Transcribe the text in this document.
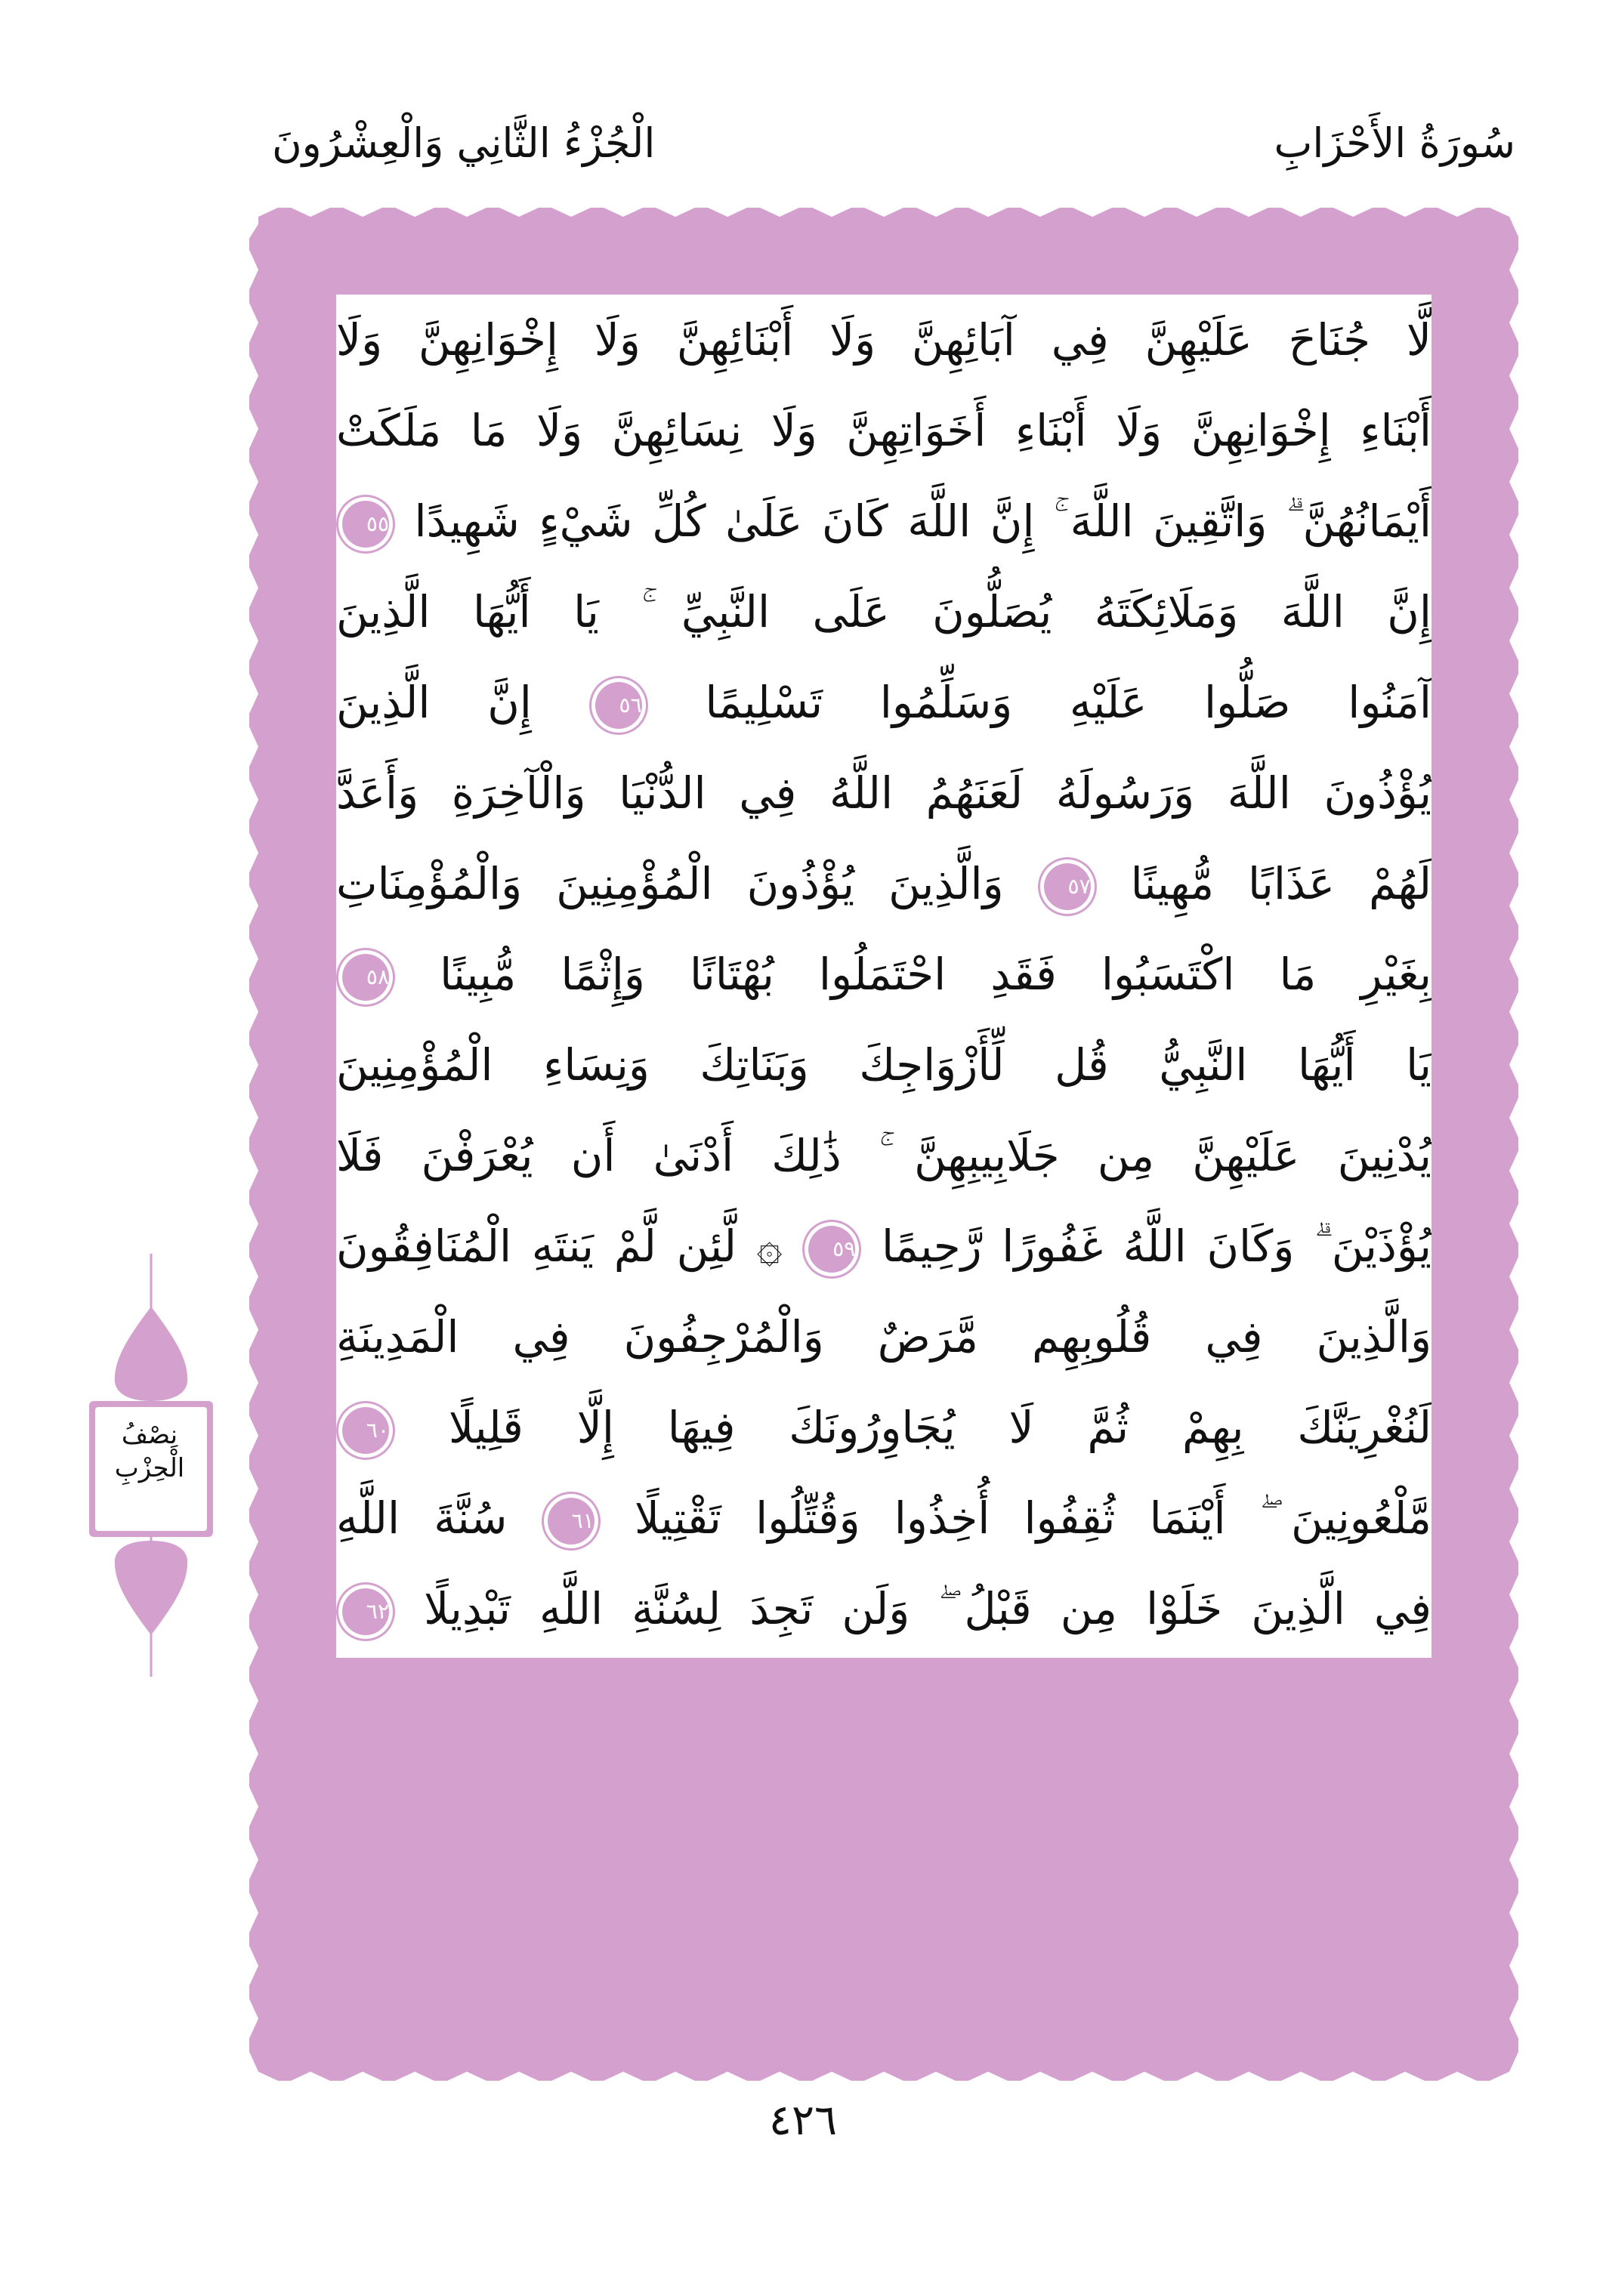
سُورَةُ الأَحْزَابِ
الْجُزْءُ الثَّانِي وَالْعِشْرُونَ
لَّا جُنَاحَ عَلَيْهِنَّ فِي آبَائِهِنَّ وَلَا أَبْنَائِهِنَّ وَلَا إِخْوَانِهِنَّ وَلَا
أَبْنَاءِ إِخْوَانِهِنَّ وَلَا أَبْنَاءِ أَخَوَاتِهِنَّ وَلَا نِسَائِهِنَّ وَلَا مَا مَلَكَتْ
أَيْمَانُهُنَّ ۗ وَاتَّقِينَ اللَّهَ ۚ إِنَّ اللَّهَ كَانَ عَلَىٰ كُلِّ شَيْءٍ شَهِيدًا ٥٥
إِنَّ اللَّهَ وَمَلَائِكَتَهُ يُصَلُّونَ عَلَى النَّبِيِّ ۚ يَا أَيُّهَا الَّذِينَ
آمَنُوا صَلُّوا عَلَيْهِ وَسَلِّمُوا تَسْلِيمًا ٥٦ إِنَّ الَّذِينَ
يُؤْذُونَ اللَّهَ وَرَسُولَهُ لَعَنَهُمُ اللَّهُ فِي الدُّنْيَا وَالْآخِرَةِ وَأَعَدَّ
لَهُمْ عَذَابًا مُّهِينًا ٥٧ وَالَّذِينَ يُؤْذُونَ الْمُؤْمِنِينَ وَالْمُؤْمِنَاتِ
بِغَيْرِ مَا اكْتَسَبُوا فَقَدِ احْتَمَلُوا بُهْتَانًا وَإِثْمًا مُّبِينًا ٥٨
يَا أَيُّهَا النَّبِيُّ قُل لِّأَزْوَاجِكَ وَبَنَاتِكَ وَنِسَاءِ الْمُؤْمِنِينَ
يُدْنِينَ عَلَيْهِنَّ مِن جَلَابِيبِهِنَّ ۚ ذَٰلِكَ أَدْنَىٰ أَن يُعْرَفْنَ فَلَا
يُؤْذَيْنَ ۗ وَكَانَ اللَّهُ غَفُورًا رَّحِيمًا ٥٩ ۞ لَّئِن لَّمْ يَنتَهِ الْمُنَافِقُونَ
وَالَّذِينَ فِي قُلُوبِهِم مَّرَضٌ وَالْمُرْجِفُونَ فِي الْمَدِينَةِ
لَنُغْرِيَنَّكَ بِهِمْ ثُمَّ لَا يُجَاوِرُونَكَ فِيهَا إِلَّا قَلِيلًا ٦٠
مَّلْعُونِينَ ۖ أَيْنَمَا ثُقِفُوا أُخِذُوا وَقُتِّلُوا تَقْتِيلًا ٦١ سُنَّةَ اللَّهِ
فِي الَّذِينَ خَلَوْا مِن قَبْلُ ۖ وَلَن تَجِدَ لِسُنَّةِ اللَّهِ تَبْدِيلًا ٦٢
نِصْفُ
الْحِزْبِ
٤٢٦
